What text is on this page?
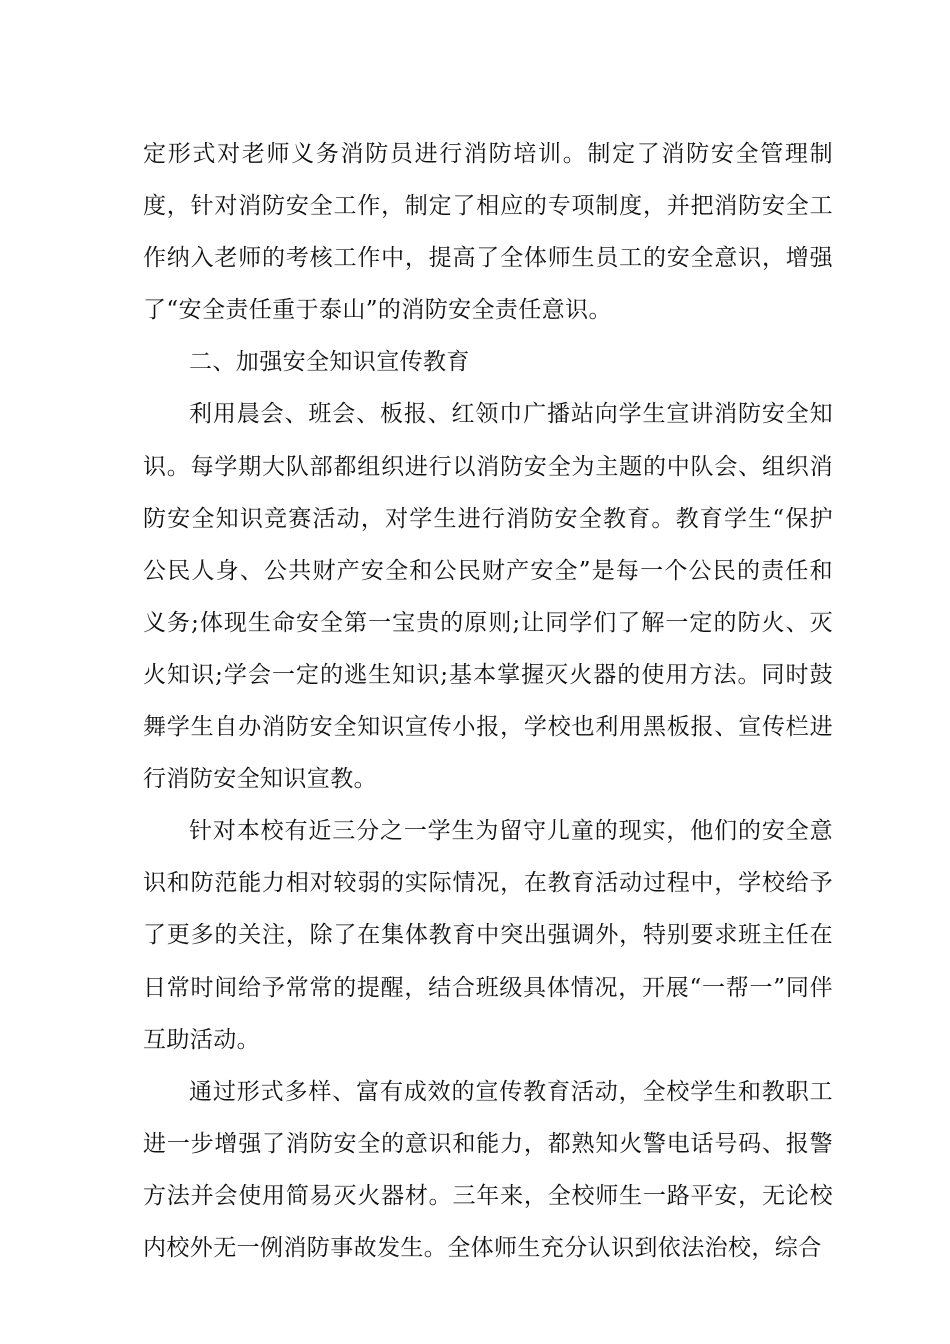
定形式对老师义务消防员进行消防培训。制定了消防安全管理制度，针对消防安全工作，制定了相应的专项制度，并把消防安全工作纳入老师的考核工作中，提高了全体师生员工的安全意识，增强了“安全责任重于泰山”的消防安全责任意识。

二、加强安全知识宣传教育

利用晨会、班会、板报、红领巾广播站向学生宣讲消防安全知识。每学期大队部都组织进行以消防安全为主题的中队会、组织消防安全知识竞赛活动，对学生进行消防安全教育。教育学生“保护公民人身、公共财产安全和公民财产安全”是每一个公民的责任和义务;体现生命安全第一宝贵的原则;让同学们了解一定的防火、灭火知识;学会一定的逃生知识;基本掌握灭火器的使用方法。同时鼓舞学生自办消防安全知识宣传小报，学校也利用黑板报、宣传栏进行消防安全知识宣教。

针对本校有近三分之一学生为留守儿童的现实，他们的安全意识和防范能力相对较弱的实际情况，在教育活动过程中，学校给予了更多的关注，除了在集体教育中突出强调外，特别要求班主任在日常时间给予常常的提醒，结合班级具体情况，开展“一帮一”同伴互助活动。

通过形式多样、富有成效的宣传教育活动，全校学生和教职工进一步增强了消防安全的意识和能力，都熟知火警电话号码、报警方法并会使用简易灭火器材。三年来，全校师生一路平安，无论校内校外无一例消防事故发生。全体师生充分认识到依法治校，综合
